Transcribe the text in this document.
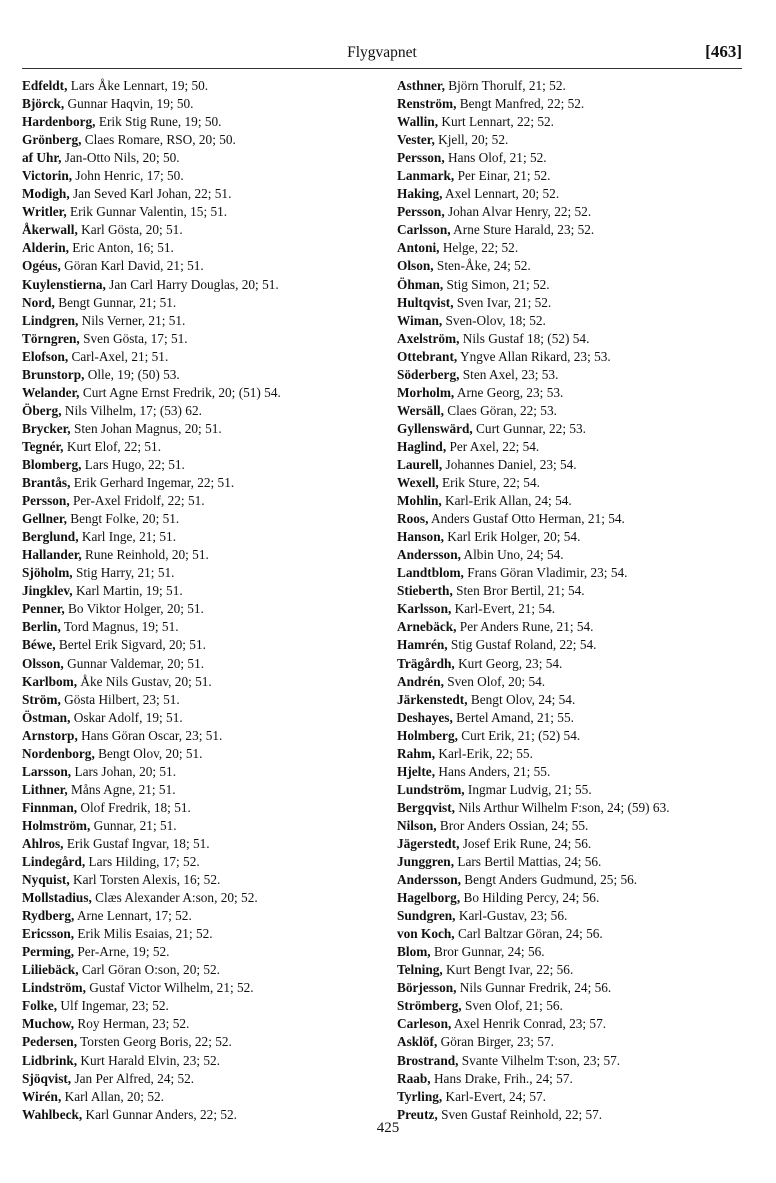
Flygvapnet	[463]
Edfeldt, Lars Åke Lennart, 19; 50.
Björck, Gunnar Haqvin, 19; 50.
Hardenborg, Erik Stig Rune, 19; 50.
Grönberg, Claes Romare, RSO, 20; 50.
af Uhr, Jan-Otto Nils, 20; 50.
Victorin, John Henric, 17; 50.
Modigh, Jan Seved Karl Johan, 22; 51.
Writler, Erik Gunnar Valentin, 15; 51.
Åkerwall, Karl Gösta, 20; 51.
Alderin, Eric Anton, 16; 51.
Ogéus, Göran Karl David, 21; 51.
Kuylenstierna, Jan Carl Harry Douglas, 20; 51.
Nord, Bengt Gunnar, 21; 51.
Lindgren, Nils Verner, 21; 51.
Törngren, Sven Gösta, 17; 51.
Elofson, Carl-Axel, 21; 51.
Brunstorp, Olle, 19; (50) 53.
Welander, Curt Agne Ernst Fredrik, 20; (51) 54.
Öberg, Nils Vilhelm, 17; (53) 62.
Brycker, Sten Johan Magnus, 20; 51.
Tegnér, Kurt Elof, 22; 51.
Blomberg, Lars Hugo, 22; 51.
Brantås, Erik Gerhard Ingemar, 22; 51.
Persson, Per-Axel Fridolf, 22; 51.
Gellner, Bengt Folke, 20; 51.
Berglund, Karl Inge, 21; 51.
Hallander, Rune Reinhold, 20; 51.
Sjöholm, Stig Harry, 21; 51.
Jingklev, Karl Martin, 19; 51.
Penner, Bo Viktor Holger, 20; 51.
Berlin, Tord Magnus, 19; 51.
Béwe, Bertel Erik Sigvard, 20; 51.
Olsson, Gunnar Valdemar, 20; 51.
Karlbom, Åke Nils Gustav, 20; 51.
Ström, Gösta Hilbert, 23; 51.
Östman, Oskar Adolf, 19; 51.
Arnstorp, Hans Göran Oscar, 23; 51.
Nordenborg, Bengt Olov, 20; 51.
Larsson, Lars Johan, 20; 51.
Lithner, Måns Agne, 21; 51.
Finnman, Olof Fredrik, 18; 51.
Holmström, Gunnar, 21; 51.
Ahlros, Erik Gustaf Ingvar, 18; 51.
Lindegård, Lars Hilding, 17; 52.
Nyquist, Karl Torsten Alexis, 16; 52.
Mollstadius, Clæs Alexander A:son, 20; 52.
Rydberg, Arne Lennart, 17; 52.
Ericsson, Erik Milis Esaias, 21; 52.
Perming, Per-Arne, 19; 52.
Liliebäck, Carl Göran O:son, 20; 52.
Lindström, Gustaf Victor Wilhelm, 21; 52.
Folke, Ulf Ingemar, 23; 52.
Muchow, Roy Herman, 23; 52.
Pedersen, Torsten Georg Boris, 22; 52.
Lidbrink, Kurt Harald Elvin, 23; 52.
Sjöqvist, Jan Per Alfred, 24; 52.
Wirén, Karl Allan, 20; 52.
Wahlbeck, Karl Gunnar Anders, 22; 52.
Asthner, Björn Thorulf, 21; 52.
Renström, Bengt Manfred, 22; 52.
Wallin, Kurt Lennart, 22; 52.
Vester, Kjell, 20; 52.
Persson, Hans Olof, 21; 52.
Lanmark, Per Einar, 21; 52.
Haking, Axel Lennart, 20; 52.
Persson, Johan Alvar Henry, 22; 52.
Carlsson, Arne Sture Harald, 23; 52.
Antoni, Helge, 22; 52.
Olson, Sten-Åke, 24; 52.
Öhman, Stig Simon, 21; 52.
Hultqvist, Sven Ivar, 21; 52.
Wiman, Sven-Olov, 18; 52.
Axelström, Nils Gustaf 18; (52) 54.
Ottebrant, Yngve Allan Rikard, 23; 53.
Söderberg, Sten Axel, 23; 53.
Morholm, Arne Georg, 23; 53.
Wersäll, Claes Göran, 22; 53.
Gyllenswärd, Curt Gunnar, 22; 53.
Haglind, Per Axel, 22; 54.
Laurell, Johannes Daniel, 23; 54.
Wexell, Erik Sture, 22; 54.
Mohlin, Karl-Erik Allan, 24; 54.
Roos, Anders Gustaf Otto Herman, 21; 54.
Hanson, Karl Erik Holger, 20; 54.
Andersson, Albin Uno, 24; 54.
Landtblom, Frans Göran Vladimir, 23; 54.
Stieberth, Sten Bror Bertil, 21; 54.
Karlsson, Karl-Evert, 21; 54.
Arnebäck, Per Anders Rune, 21; 54.
Hamrén, Stig Gustaf Roland, 22; 54.
Trägårdh, Kurt Georg, 23; 54.
Andrén, Sven Olof, 20; 54.
Järkenstedt, Bengt Olov, 24; 54.
Deshayes, Bertel Amand, 21; 55.
Holmberg, Curt Erik, 21; (52) 54.
Rahm, Karl-Erik, 22; 55.
Hjelte, Hans Anders, 21; 55.
Lundström, Ingmar Ludvig, 21; 55.
Bergqvist, Nils Arthur Wilhelm F:son, 24; (59) 63.
Nilson, Bror Anders Ossian, 24; 55.
Jägerstedt, Josef Erik Rune, 24; 56.
Junggren, Lars Bertil Mattias, 24; 56.
Andersson, Bengt Anders Gudmund, 25; 56.
Hagelborg, Bo Hilding Percy, 24; 56.
Sundgren, Karl-Gustav, 23; 56.
von Koch, Carl Baltzar Göran, 24; 56.
Blom, Bror Gunnar, 24; 56.
Telning, Kurt Bengt Ivar, 22; 56.
Börjesson, Nils Gunnar Fredrik, 24; 56.
Strömberg, Sven Olof, 21; 56.
Carleson, Axel Henrik Conrad, 23; 57.
Asklöf, Göran Birger, 23; 57.
Brostrand, Svante Vilhelm T:son, 23; 57.
Raab, Hans Drake, Frih., 24; 57.
Tyrling, Karl-Evert, 24; 57.
Preutz, Sven Gustaf Reinhold, 22; 57.
425
